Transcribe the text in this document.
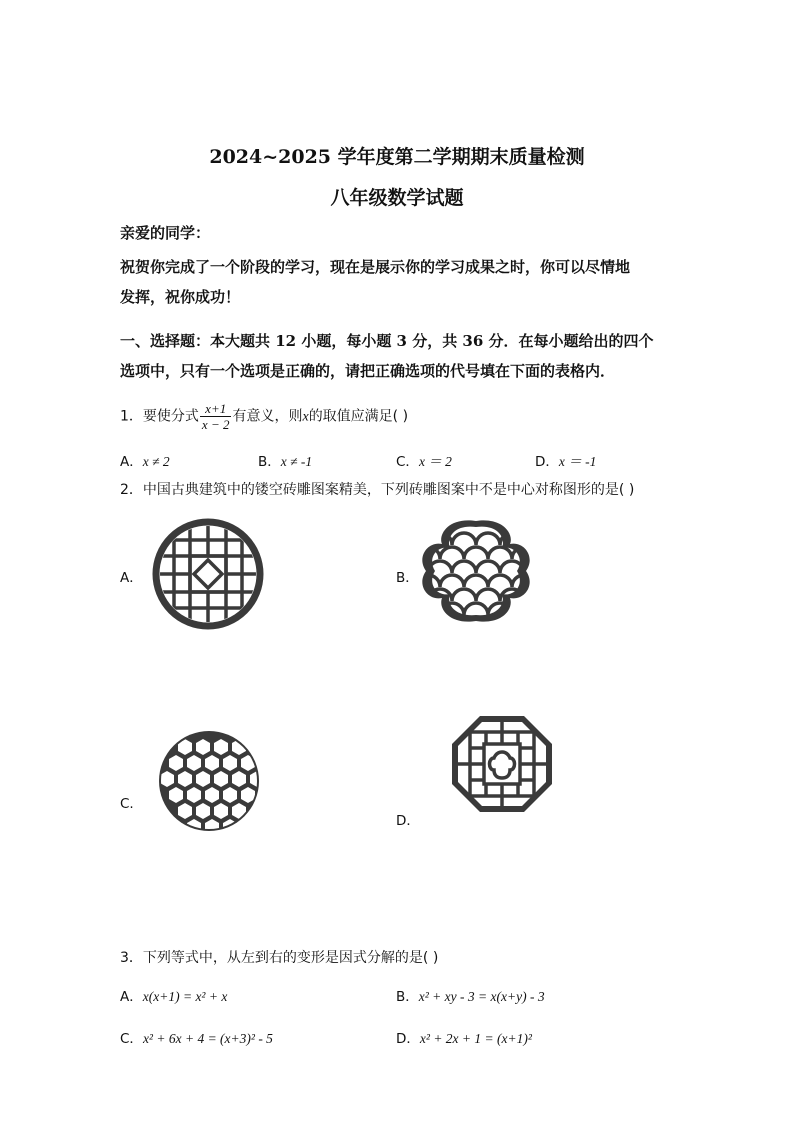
2024~2025 学年度第二学期期末质量检测
八年级数学试题
亲爱的同学：
祝贺你完成了一个阶段的学习，现在是展示你的学习成果之时，你可以尽情地
发挥，祝你成功！
一、选择题：本大题共 12 小题，每小题 3 分，共 36 分．在每小题给出的四个
选项中，只有一个选项是正确的，请把正确选项的代号填在下面的表格内．
1．要使分式 $\frac{x+1}{x - 2}$ 有意义，则x的取值应满足( )
A．x ≠ 2	B．x ≠ -1	C．x ＝ 2	D．x ＝ -1
2．中国古典建筑中的镂空砖雕图案精美，下列砖雕图案中不是中心对称图形的是( )
A．	B．
C.
D．
3．下列等式中，从左到右的变形是因式分解的是( )
A．x(x+1) = x² + x	B．x² + xy - 3 = x(x+y) - 3
C．x² + 6x + 4 = (x+3)² - 5	D．x² + 2x + 1 = (x+1)²
